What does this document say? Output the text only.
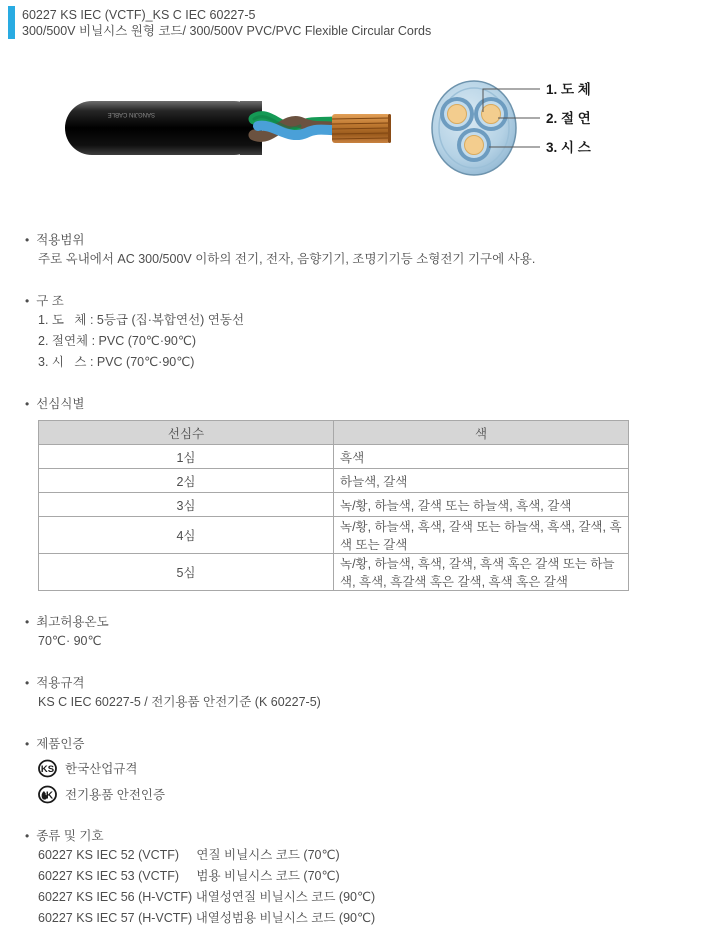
60227 KS IEC (VCTF)_KS C IEC 60227-5
300/500V 비닐시스 원형 코드/ 300/500V PVC/PVC Flexible Circular Cords
SANGJIN CABLE
1. 도 체
2. 절 연
3. 시 스
• 적용범위
주로 옥내에서 AC 300/500V 이하의 전기, 전자, 음향기기, 조명기기등 소형전기 기구에 사용.
• 구 조
1. 도   체 : 5등급 (집·복합연선) 연동선
2. 절연체 : PVC (70℃·90℃)
3. 시   스 : PVC (70℃·90℃)
• 선심식별
선심수	색
1심	흑색
2심	하늘색, 갈색
3심	녹/황, 하늘색, 갈색 또는 하늘색, 흑색, 갈색
4심	녹/황, 하늘색, 흑색, 갈색 또는 하늘색, 흑색, 갈색, 흑색 또는 갈색
5심	녹/황, 하늘색, 흑색, 갈색, 흑색 혹은 갈색 또는 하늘색, 흑색, 흑갈색 혹은 갈색, 흑색 혹은 갈색
• 최고허용온도
70℃· 90℃
• 적용규격
KS C IEC 60227-5 / 전기용품 안전기준 (K 60227-5)
• 제품인증
KS 한국산업규격
K 전기용품 안전인증
• 종류 및 기호
60227 KS IEC 52 (VCTF)     연질 비닐시스 코드 (70℃)
60227 KS IEC 53 (VCTF)     범용 비닐시스 코드 (70℃)
60227 KS IEC 56 (H-VCTF) 내열성연질 비닐시스 코드 (90℃)
60227 KS IEC 57 (H-VCTF) 내열성범용 비닐시스 코드 (90℃)
